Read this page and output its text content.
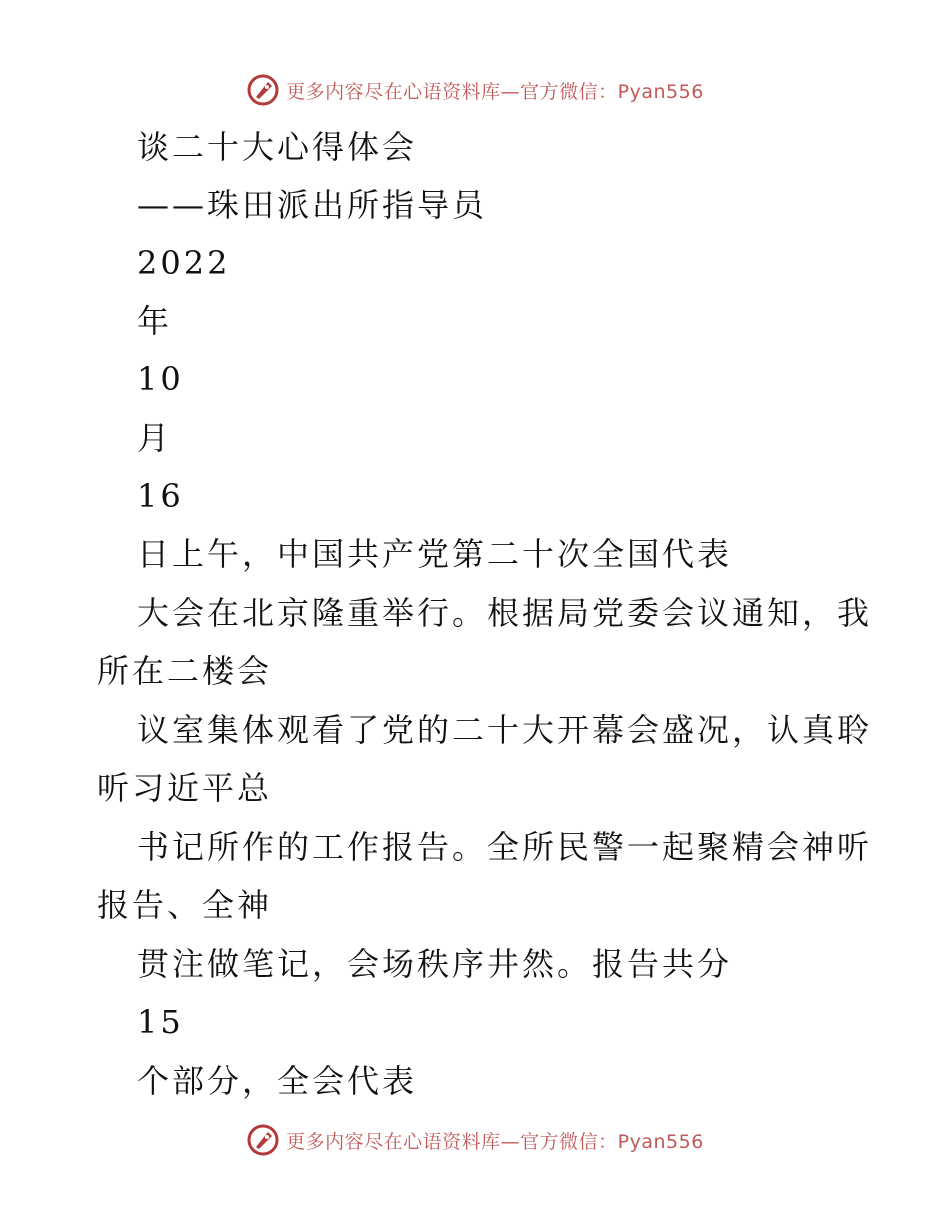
更多内容尽在心语资料库—官方微信：Pyan556
谈二十大心得体会
——珠田派出所指导员
2022
年
10
月
16
日上午，中国共产党第二十次全国代表
大会在北京隆重举行。根据局党委会议通知，我
所在二楼会
议室集体观看了党的二十大开幕会盛况，认真聆
听习近平总
书记所作的工作报告。全所民警一起聚精会神听
报告、全神
贯注做笔记，会场秩序井然。报告共分
15
个部分，全会代表
更多内容尽在心语资料库—官方微信：Pyan556
